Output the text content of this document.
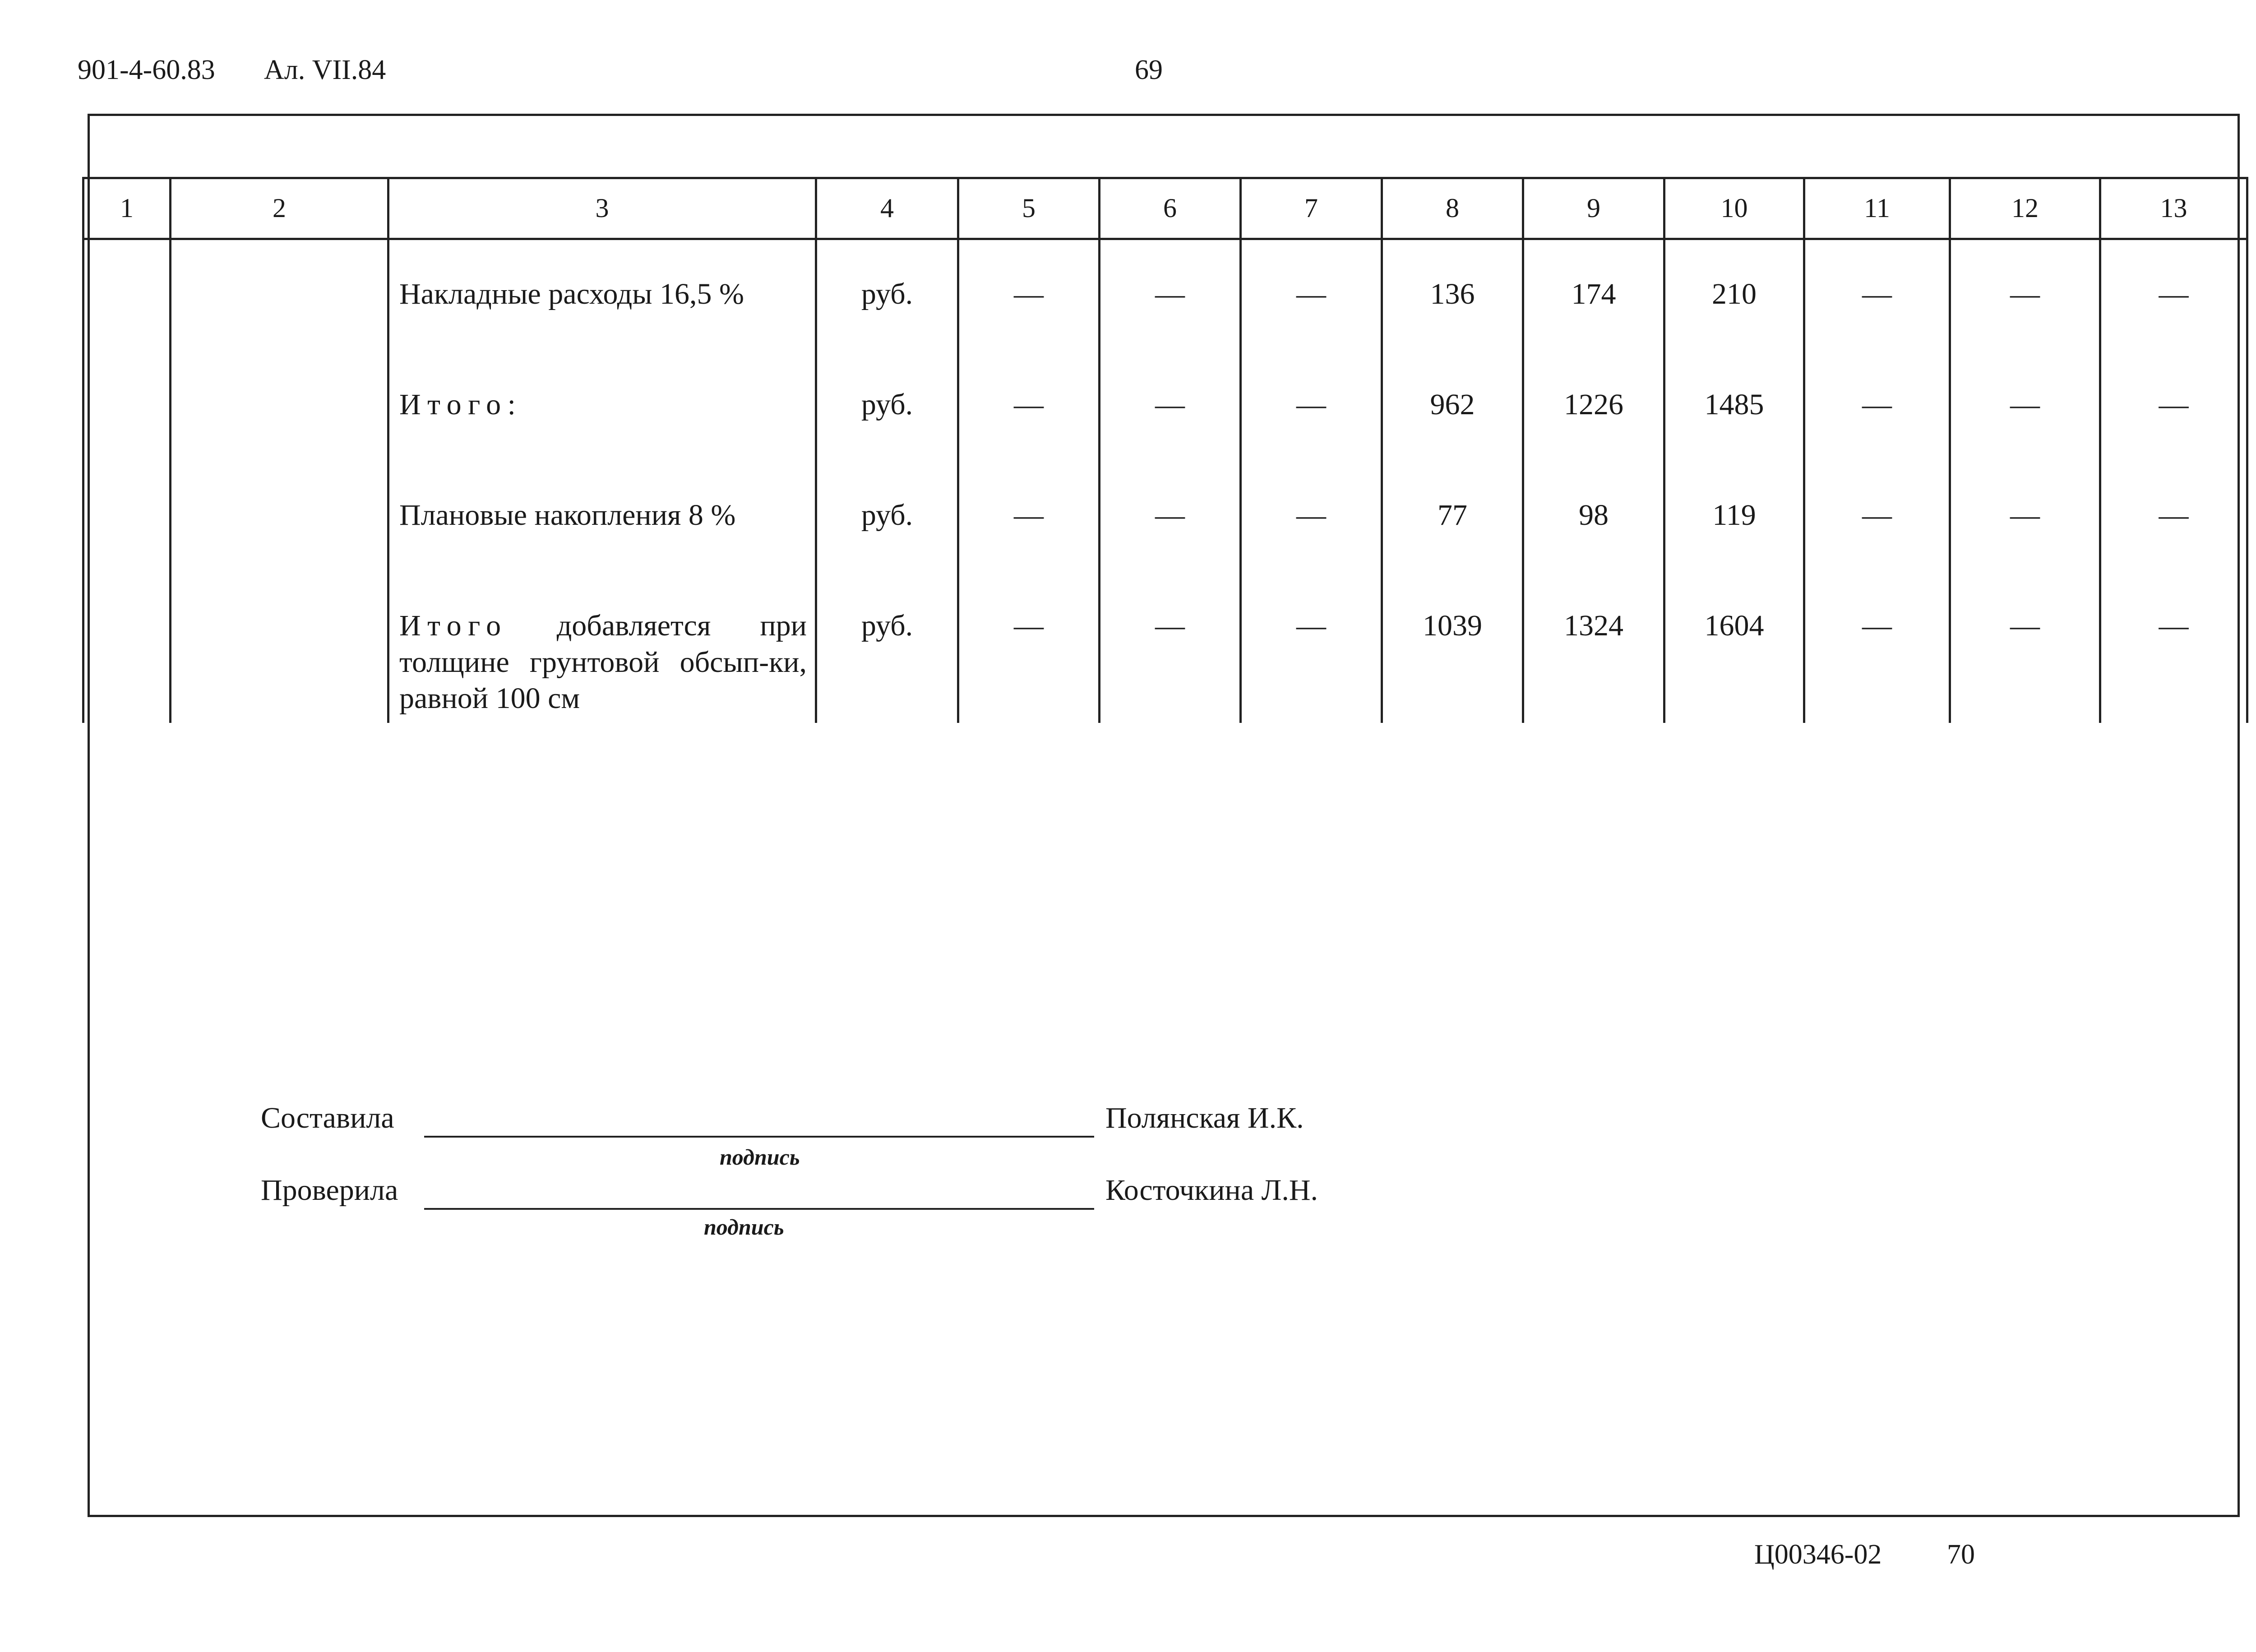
901-4-60.83 Ал. VII.84	69
1	2	3	4	5	6	7	8	9	10	11	12	13
		Накладные расходы 16,5 %	руб.	—	—	—	136	174	210	—	—	—
		Итого:	руб.	—	—	—	962	1226	1485	—	—	—
		Плановые накопления 8 %	руб.	—	—	—	77	98	119	—	—	—
		Итого добавляется при толщине грунтовой обсып-ки, равной 100 см	руб.	—	—	—	1039	1324	1604	—	—	—
Составила	Полянская И.К.
подпись
Проверила	Косточкина Л.Н.
подпись
Ц00346-02 70
